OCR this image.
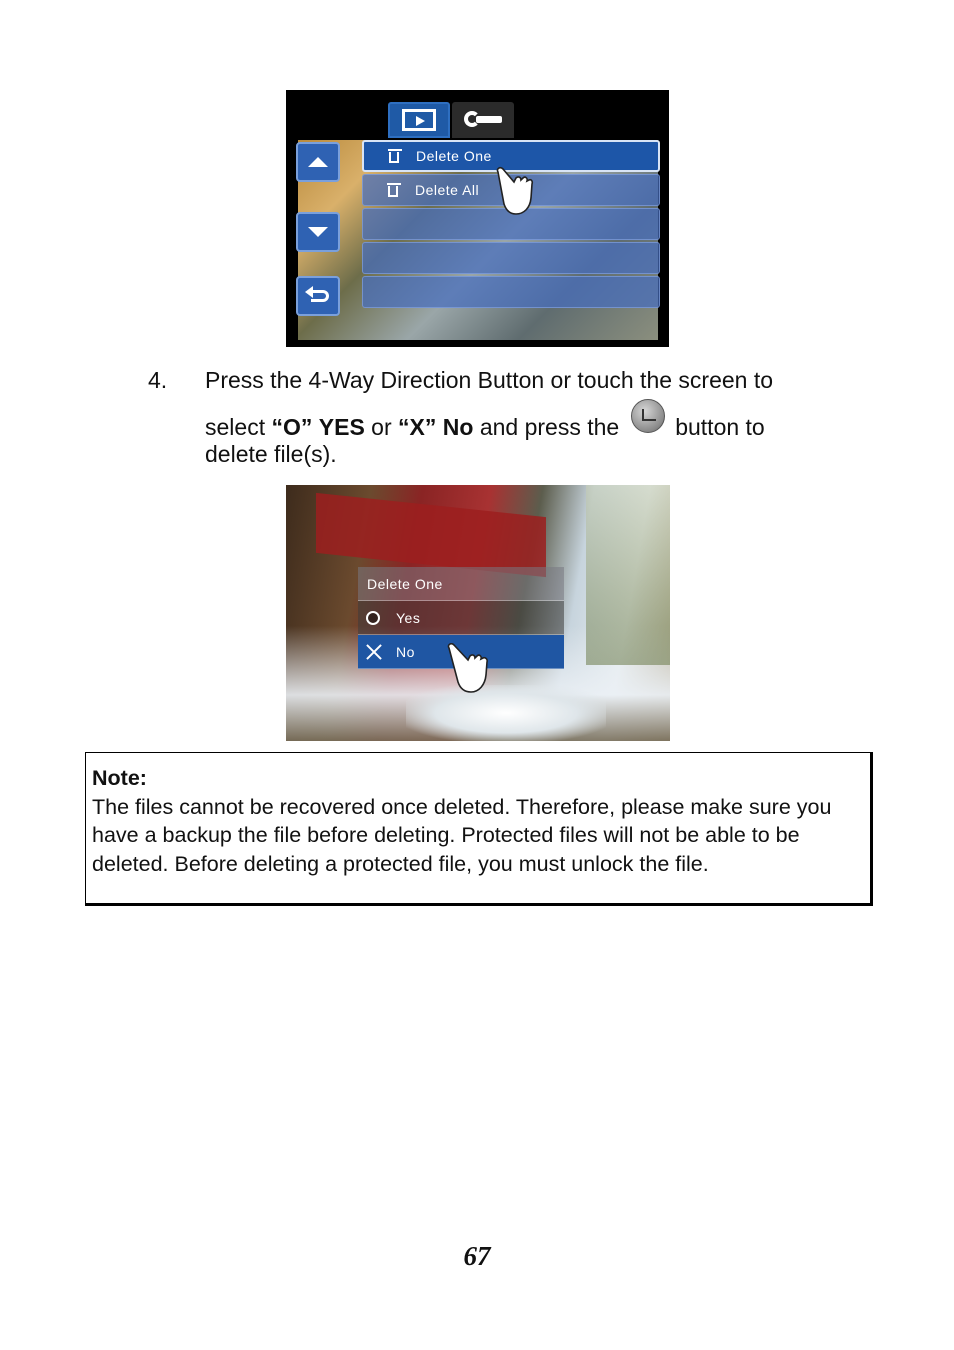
Delete One
Delete All
4. Press the 4-Way Direction Button or touch the screen to
select “O” YES or “X” No and press the button to
delete file(s).
Delete One
Yes
No
Note:
The files cannot be recovered once deleted. Therefore, please make sure you have a backup the file before deleting. Protected files will not be able to be deleted. Before deleting a protected file, you must unlock the file.
67
